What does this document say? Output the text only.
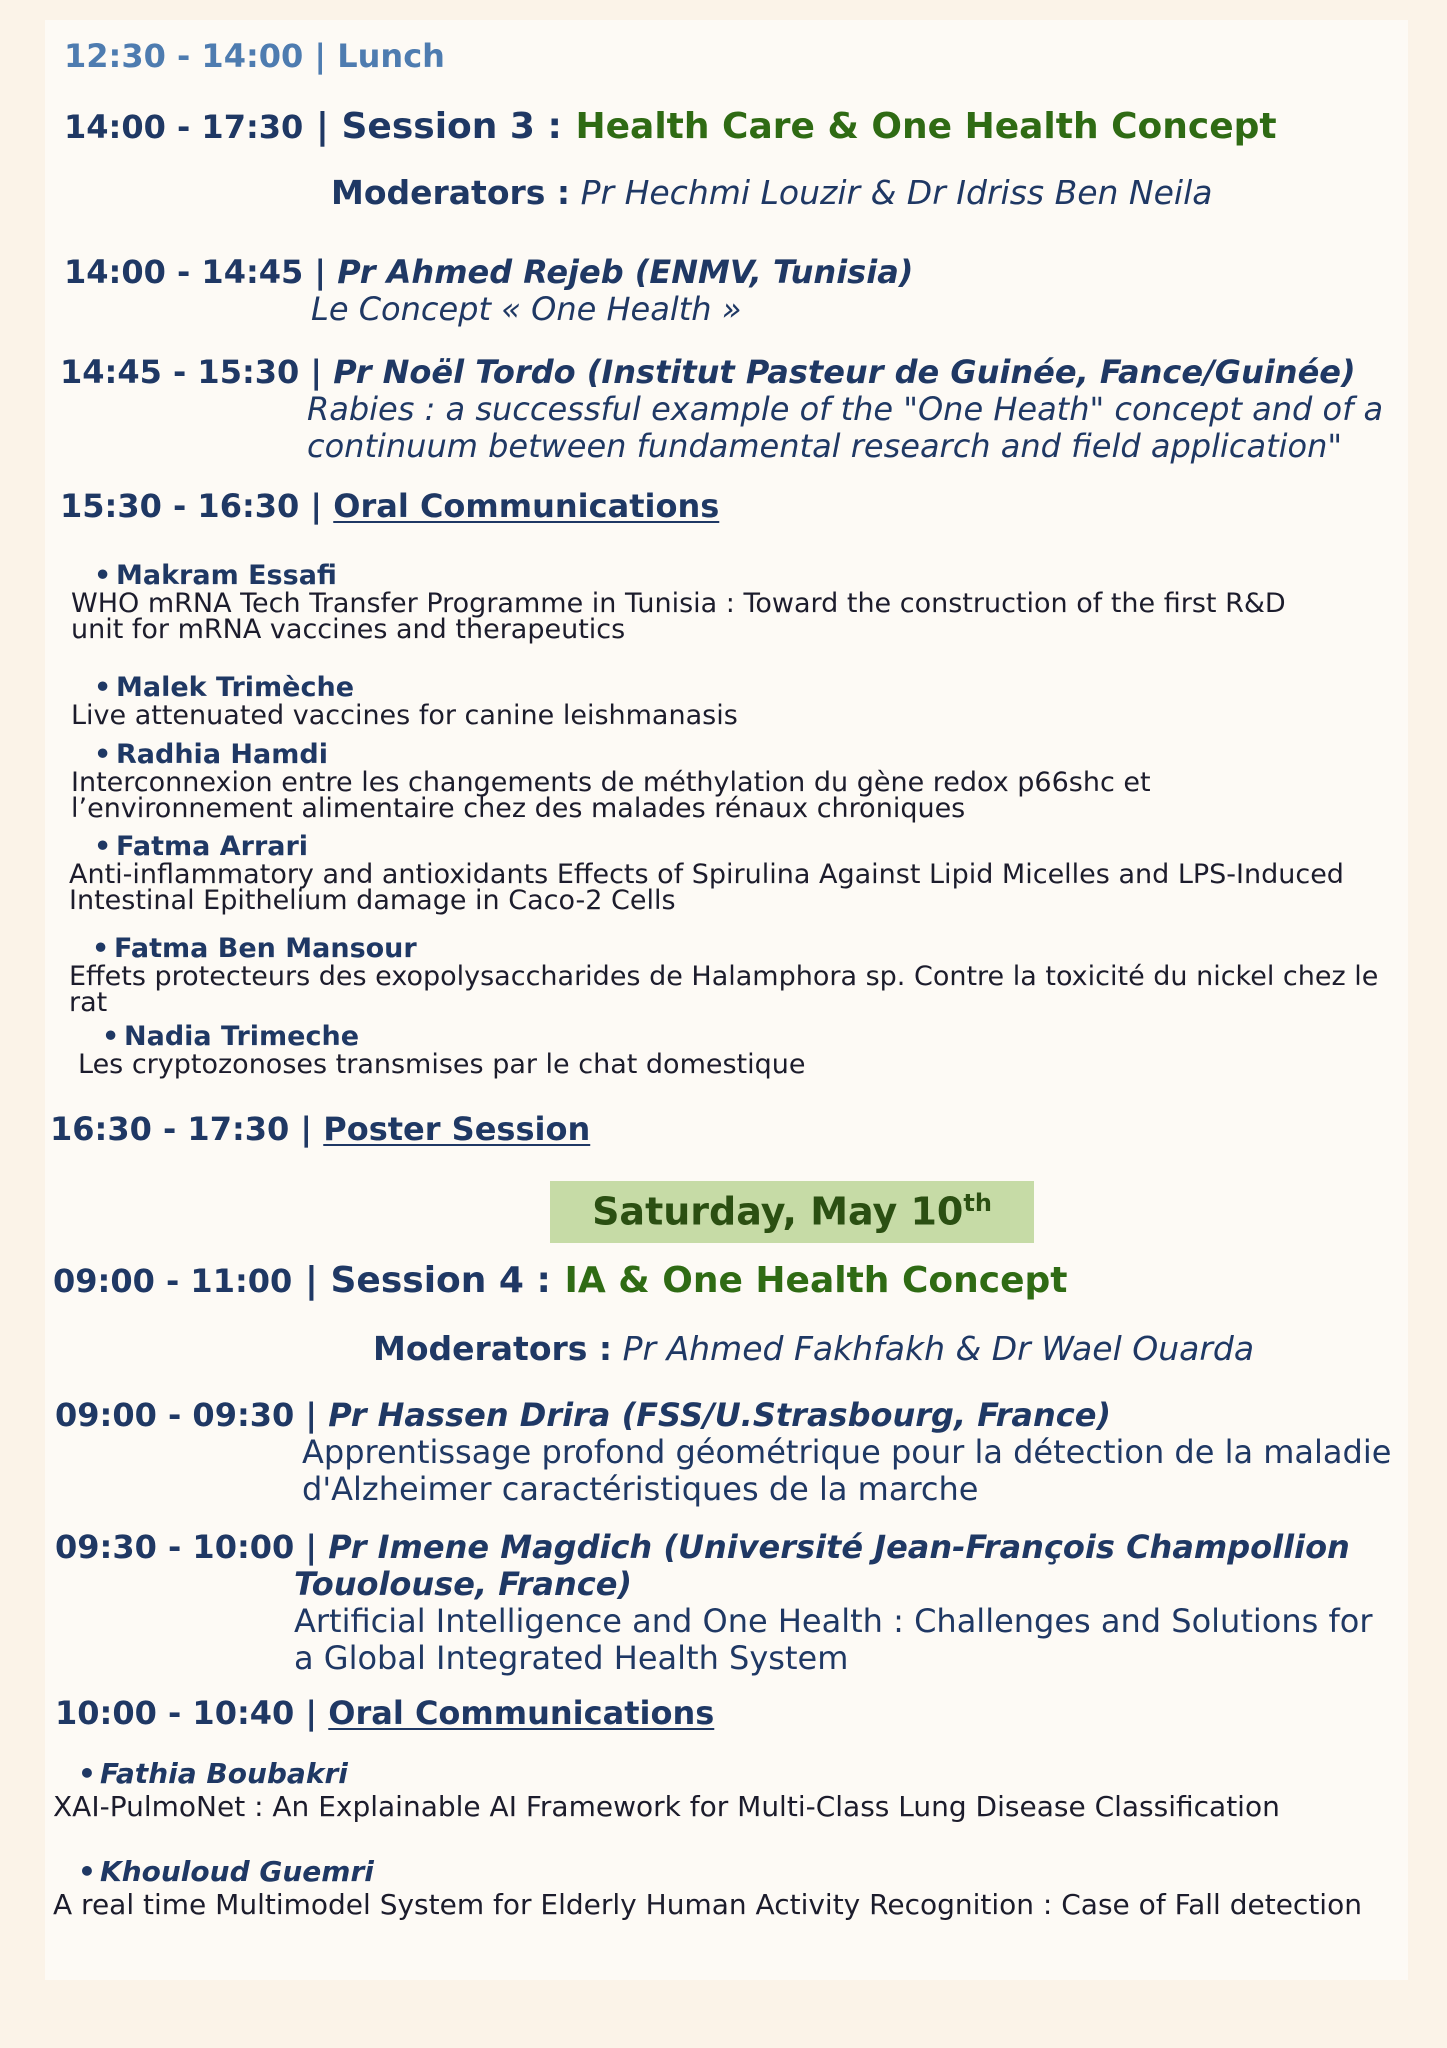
12:30 - 14:00 | Lunch
14:00 - 17:30 | Session 3 : Health Care & One Health Concept
Moderators : Pr Hechmi Louzir & Dr Idriss Ben Neila
14:00 - 14:45 | Pr Ahmed Rejeb (ENMV, Tunisia)
Le Concept « One Health »
14:45 - 15:30 | Pr Noël Tordo (Institut Pasteur de Guinée, Fance/Guinée)
Rabies : a successful example of the "One Heath" concept and of a
continuum between fundamental research and field application"
15:30 - 16:30 | Oral Communications
• Makram Essafi
WHO mRNA Tech Transfer Programme in Tunisia : Toward the construction of the first R&D
unit for mRNA vaccines and therapeutics
• Malek Trimèche
Live attenuated vaccines for canine leishmanasis
• Radhia Hamdi
Interconnexion entre les changements de méthylation du gène redox p66shc et
l’environnement alimentaire chez des malades rénaux chroniques
• Fatma Arrari
Anti-inflammatory and antioxidants Effects of Spirulina Against Lipid Micelles and LPS-Induced
Intestinal Epithelium damage in Caco-2 Cells
• Fatma Ben Mansour
Effets protecteurs des exopolysaccharides de Halamphora sp. Contre la toxicité du nickel chez le
rat
• Nadia Trimeche
Les cryptozonoses transmises par le chat domestique
16:30 - 17:30 | Poster Session
Saturday, May 10th
09:00 - 11:00 | Session 4 : IA & One Health Concept
Moderators : Pr Ahmed Fakhfakh & Dr Wael Ouarda
09:00 - 09:30 | Pr Hassen Drira (FSS/U.Strasbourg, France)
Apprentissage profond géométrique pour la détection de la maladie
d'Alzheimer caractéristiques de la marche
09:30 - 10:00 | Pr Imene Magdich (Université Jean-François Champollion
Touolouse, France)
Artificial Intelligence and One Health : Challenges and Solutions for
a Global Integrated Health System
10:00 - 10:40 | Oral Communications
• Fathia Boubakri
XAI-PulmoNet : An Explainable AI Framework for Multi-Class Lung Disease Classification
• Khouloud Guemri
A real time Multimodel System for Elderly Human Activity Recognition : Case of Fall detection
